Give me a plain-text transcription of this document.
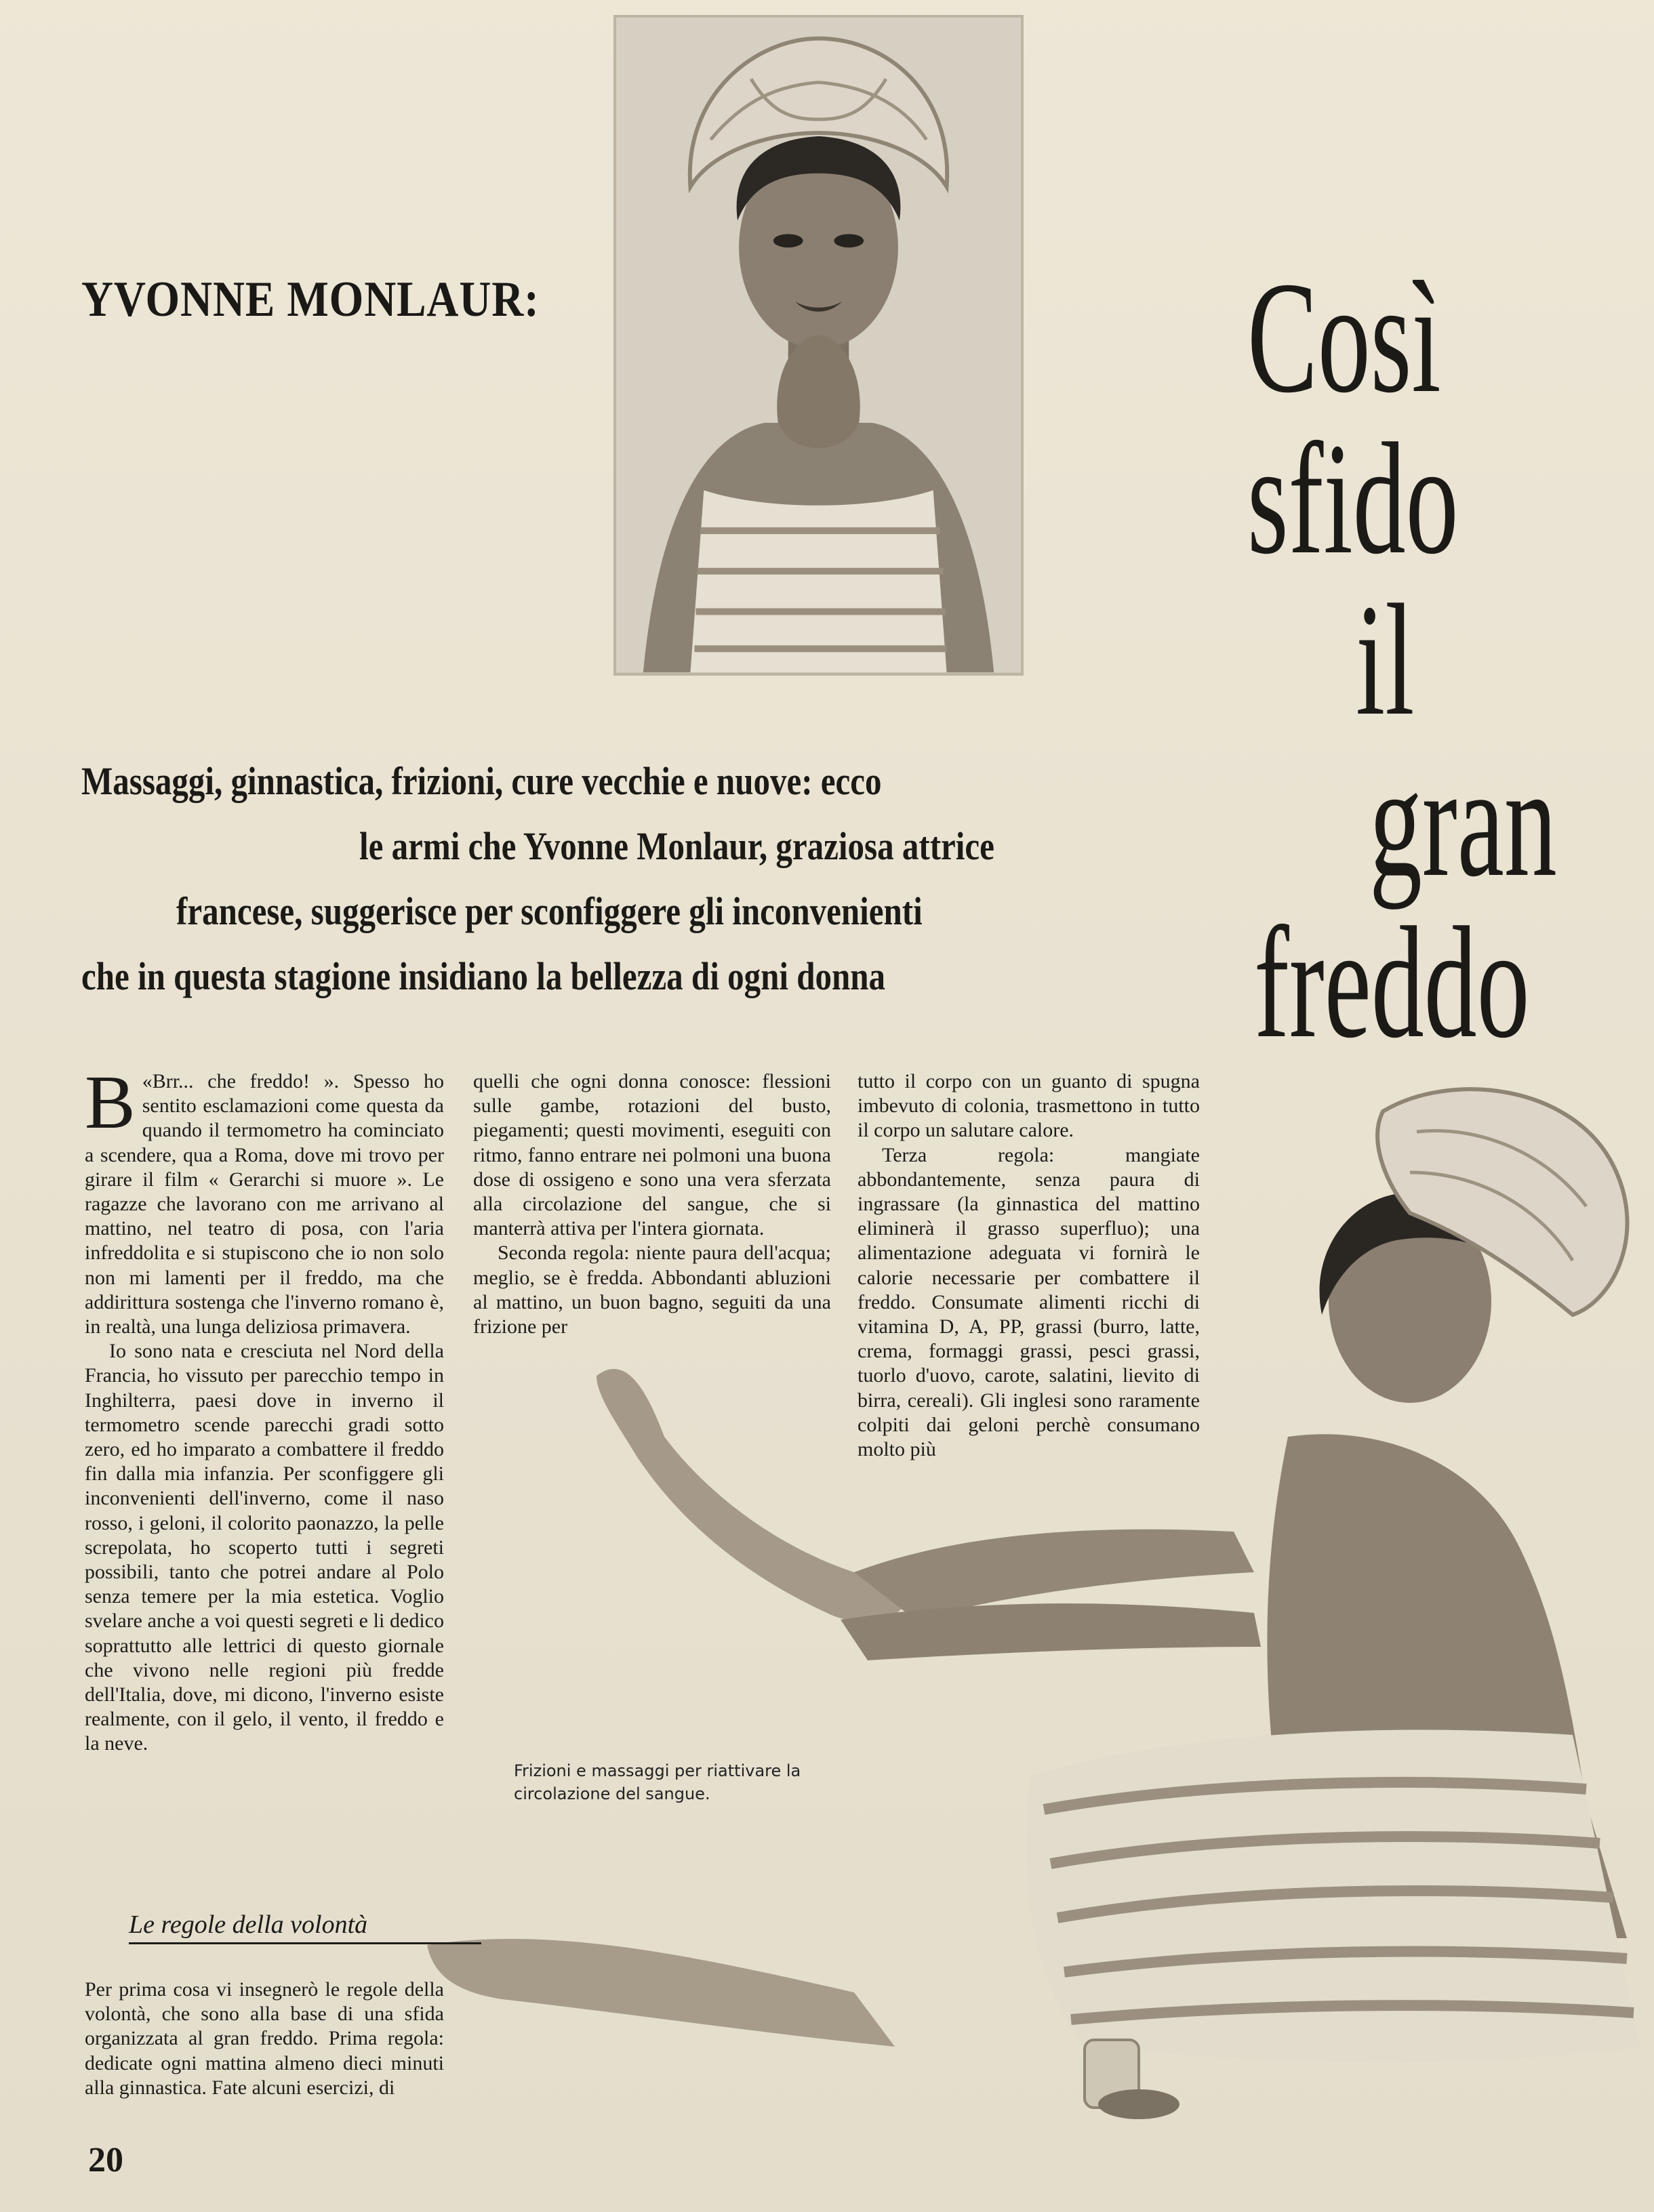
YVONNE MONLAUR:	Così
sfido
il
gran
freddo
Massaggi, ginnastica, frizioni, cure vecchie e nuove: ecco
le armi che Yvonne Monlaur, graziosa attrice
francese, suggerisce per sconfiggere gli inconvenienti
che in questa stagione insidiano la bellezza di ogni donna

B «Brr... che freddo! ». Spesso ho sentito esclamazioni come questa da quando il termometro ha cominciato a scendere, qua a Roma, dove mi trovo per girare il film « Gerarchi si muore ». Le ragazze che lavorano con me arrivano al mattino, nel teatro di posa, con l'aria infreddolita e si stupiscono che io non solo non mi lamenti per il freddo, ma che addirittura sostenga che l'inverno romano è, in realtà, una lunga deliziosa primavera.

Io sono nata e cresciuta nel Nord della Francia, ho vissuto per parecchio tempo in Inghilterra, paesi dove in inverno il termometro scende parecchi gradi sotto zero, ed ho imparato a combattere il freddo fin dalla mia infanzia. Per sconfiggere gli inconvenienti dell'inverno, come il naso rosso, i geloni, il colorito paonazzo, la pelle screpolata, ho scoperto tutti i segreti possibili, tanto che potrei andare al Polo senza temere per la mia estetica. Voglio svelare anche a voi questi segreti e li dedico soprattutto alle lettrici di questo giornale che vivono nelle regioni più fredde dell'Italia, dove, mi dicono, l'inverno esiste realmente, con il gelo, il vento, il freddo e la neve.

Le regole della volontà

Per prima cosa vi insegnerò le regole della volontà, che sono alla base di una sfida organizzata al gran freddo. Prima regola: dedicate ogni mattina almeno dieci minuti alla ginnastica. Fate alcuni esercizi, di

quelli che ogni donna conosce: flessioni sulle gambe, rotazioni del busto, piegamenti; questi movimenti, eseguiti con ritmo, fanno entrare nei polmoni una buona dose di ossigeno e sono una vera sferzata alla circolazione del sangue, che si manterrà attiva per l'intera giornata.

Seconda regola: niente paura dell'acqua; meglio, se è fredda. Abbondanti abluzioni al mattino, un buon bagno, seguiti da una frizione per

tutto il corpo con un guanto di spugna imbevuto di colonia, trasmettono in tutto il corpo un salutare calore.

Terza regola: mangiate abbondantemente, senza paura di ingrassare (la ginnastica del mattino eliminerà il grasso superfluo); una alimentazione adeguata vi fornirà le calorie necessarie per combattere il freddo. Consumate alimenti ricchi di vitamina D, A, PP, grassi (burro, latte, crema, formaggi grassi, pesci grassi, tuorlo d'uovo, carote, salatini, lievito di birra, cereali). Gli inglesi sono raramente colpiti dai geloni perchè consumano molto più

Frizioni e massaggi per riattivare la circolazione del sangue.
20
